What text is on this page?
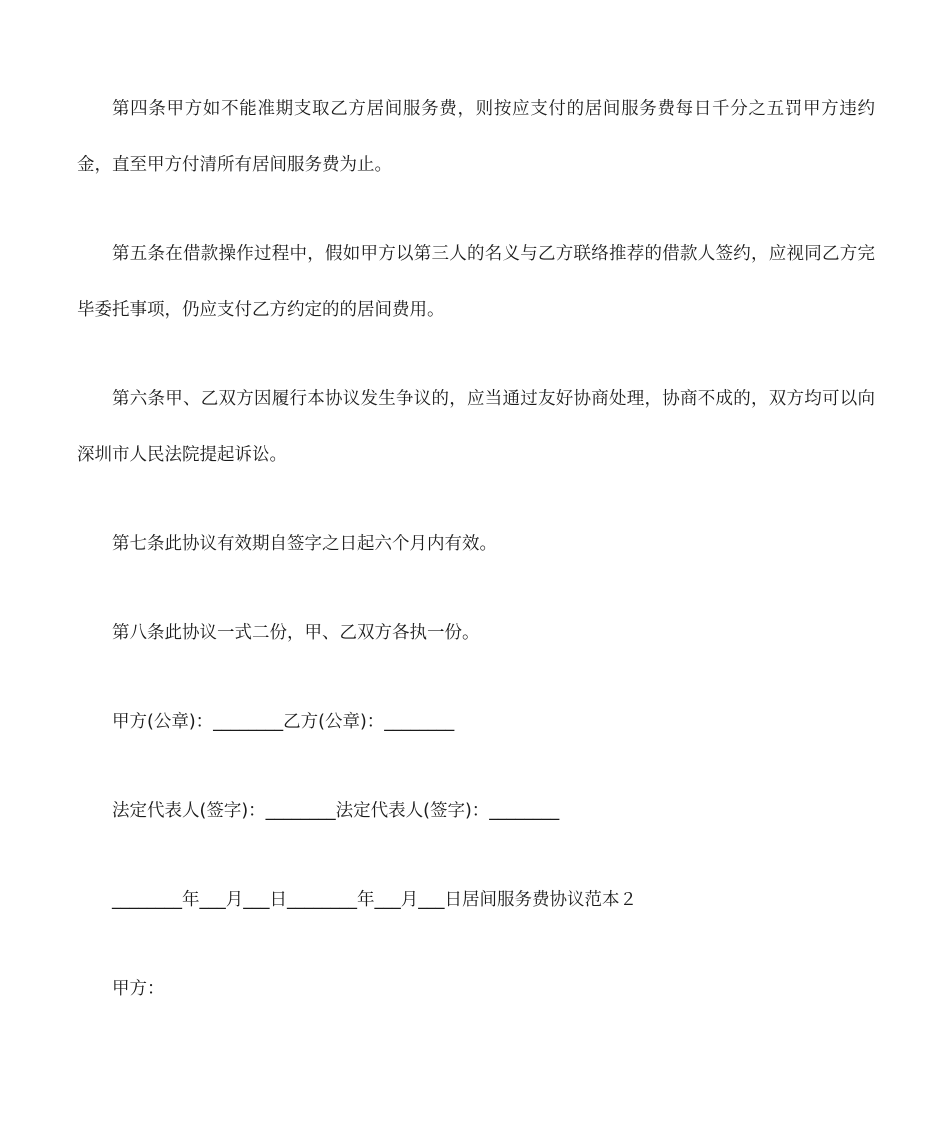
第四条甲方如不能准期支取乙方居间服务费，则按应支付的居间服务费每日千分之五罚甲方违约金，直至甲方付清所有居间服务费为止。

第五条在借款操作过程中，假如甲方以第三人的名义与乙方联络推荐的借款人签约，应视同乙方完毕委托事项，仍应支付乙方约定的的居间费用。

第六条甲、乙双方因履行本协议发生争议的，应当通过友好协商处理，协商不成的，双方均可以向深圳市人民法院提起诉讼。

第七条此协议有效期自签字之日起六个月内有效。

第八条此协议一式二份，甲、乙双方各执一份。

甲方(公章)：________乙方(公章)：________

法定代表人(签字)：________法定代表人(签字)：________

________年___月___日________年___月___日居间服务费协议范本２

甲方：
